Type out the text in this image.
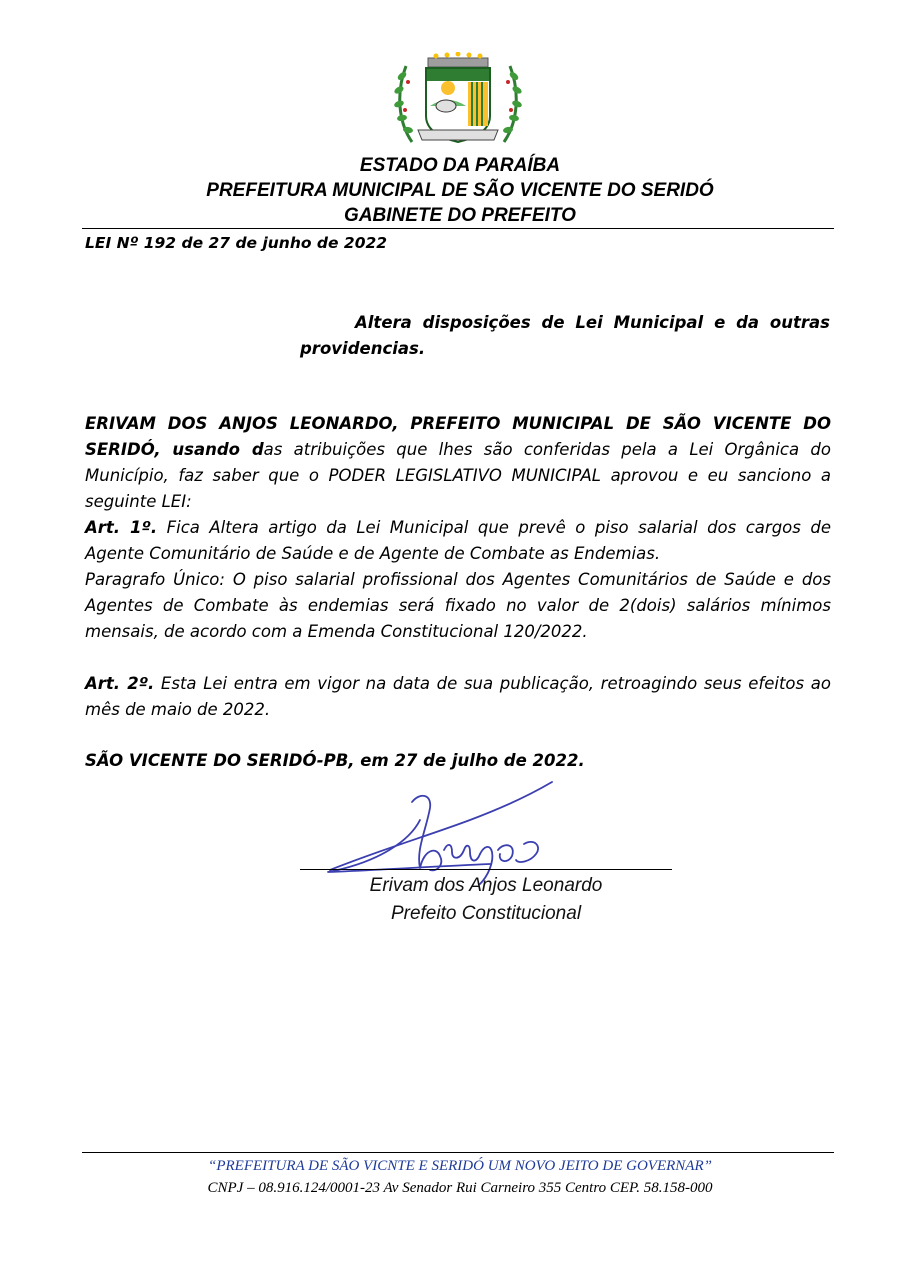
ESTADO DA PARAÍBA
PREFEITURA MUNICIPAL DE SÃO VICENTE DO SERIDÓ
GABINETE DO PREFEITO
LEI Nº 192 de 27 de junho de 2022
Altera disposições de Lei Municipal e da outras providencias.
ERIVAM DOS ANJOS LEONARDO, PREFEITO MUNICIPAL DE SÃO VICENTE DO SERIDÓ, usando das atribuições que lhes são conferidas pela a Lei Orgânica do Município, faz saber que o PODER LEGISLATIVO MUNICIPAL aprovou e eu sanciono a seguinte LEI:
Art. 1º. Fica Altera artigo da Lei Municipal que prevê o piso salarial dos cargos de Agente Comunitário de Saúde e de Agente de Combate as Endemias.
Paragrafo Único: O piso salarial profissional dos Agentes Comunitários de Saúde e dos Agentes de Combate às endemias será fixado no valor de 2(dois) salários mínimos mensais, de acordo com a Emenda Constitucional 120/2022.
Art. 2º. Esta Lei entra em vigor na data de sua publicação, retroagindo seus efeitos ao mês de maio de 2022.
SÃO VICENTE DO SERIDÓ-PB, em 27 de julho de 2022.
Erivam dos Anjos Leonardo
Prefeito Constitucional
“PREFEITURA DE SÃO VICNTE E SERIDÓ UM NOVO JEITO DE GOVERNAR”
CNPJ – 08.916.124/0001-23 Av Senador Rui Carneiro 355 Centro CEP. 58.158-000
